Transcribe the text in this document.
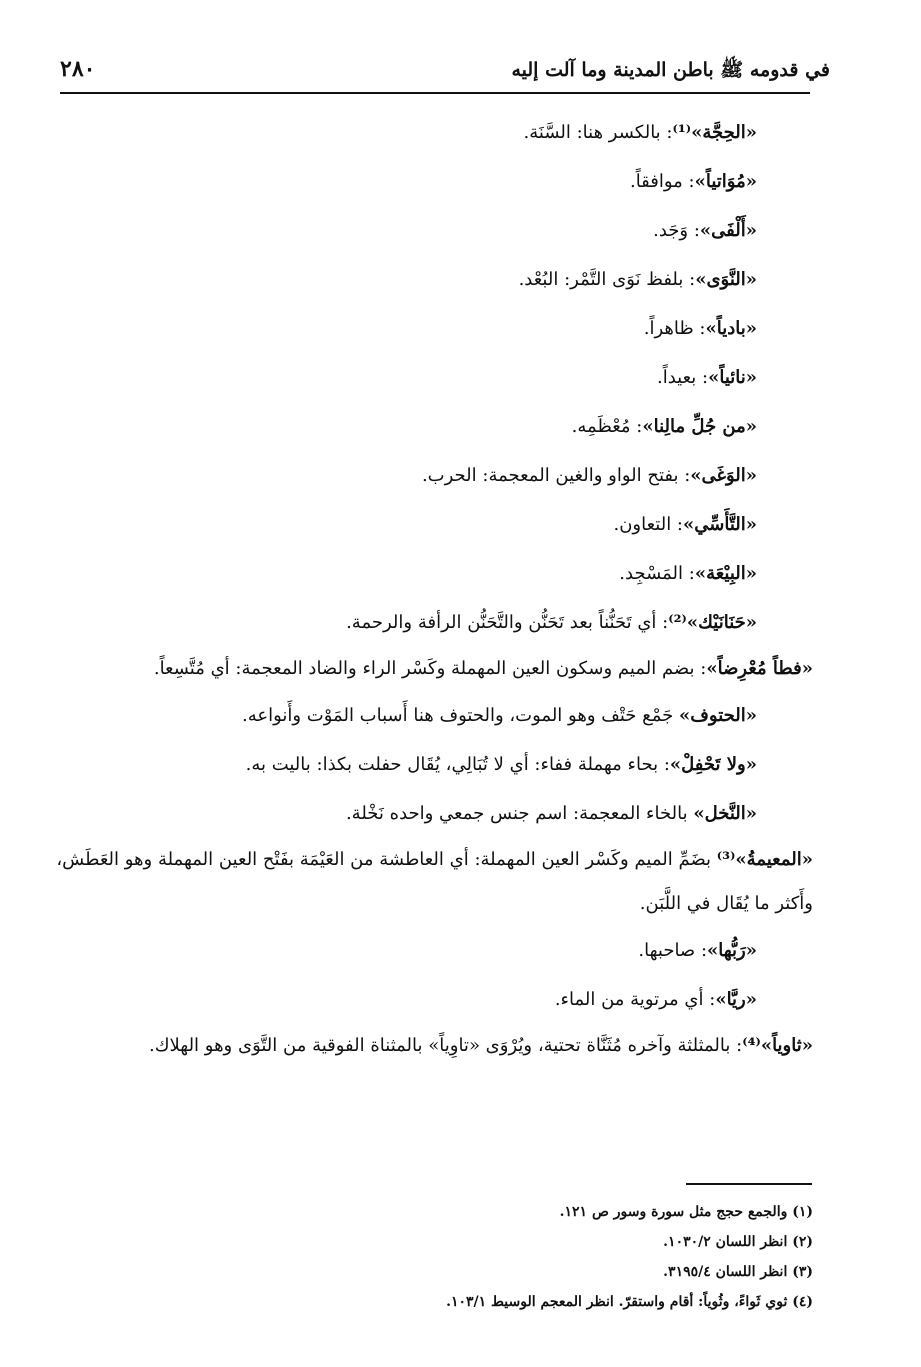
في قدومه ﷺ باطن المدينة وما آلت إليه
٢٨٠

«الحِجَّة»⁽¹⁾: بالكسر هنا: السَّنَة.

«مُوَاتياً»: موافقاً.

«أَلْفَى»: وَجَد.

«النَّوَى»: بلفظ نَوَى التَّمْر: البُعْد.

«بادياً»: ظاهراً.

«نائياً»: بعيداً.

«من جُلِّ مالِنا»: مُعْظَمِه.

«الوَغَى»: بفتح الواو والغين المعجمة: الحرب.

«التَّأَسِّي»: التعاون.

«البِيْعَة»: المَسْجِد.

«حَنَانَيْك»⁽²⁾: أي تَحَنُّناً بعد تَحَنُّن والتَّحَنُّن الرأفة والرحمة.

«فطاً مُعْرِضاً»: بضم الميم وسكون العين المهملة وكَسْر الراء والضاد المعجمة: أي مُتَّسِعاً.

«الحتوف» جَمْع حَتْف وهو الموت، والحتوف هنا أَسباب المَوْت وأَنواعه.

«ولا تَحْفِلْ»: بحاء مهملة ففاء: أي لا تُبَالِي، يُقَال حفلت بكذا: باليت به.

«النَّخل» بالخاء المعجمة: اسم جنس جمعي واحده نَخْلة.

«المعيمةُ»⁽³⁾ بضَمِّ الميم وكَسْر العين المهملة: أي العاطشة من العَيْمَة بفَتْح العين المهملة وهو العَطَش، وأَكثر ما يُقَال في اللَّبَن.

«رَبُّها»: صاحبها.

«ريَّا»: أي مرتوية من الماء.

«ثاوياً»⁽⁴⁾: بالمثلثة وآخره مُثَنَّاة تحتية، ويُرْوَى «تاوِياً» بالمثناة الفوقية من التَّوَى وهو الهلاك.

(١) والجمع حجج مثل سورة وسور ص ١٢١.

(٢) انظر اللسان ١٠٣٠/٢.

(٣) انظر اللسان ٣١٩٥/٤.

(٤) ثوي ثَواءً، وثُوياً: أقام واستقرّ. انظر المعجم الوسيط ١٠٣/١.
